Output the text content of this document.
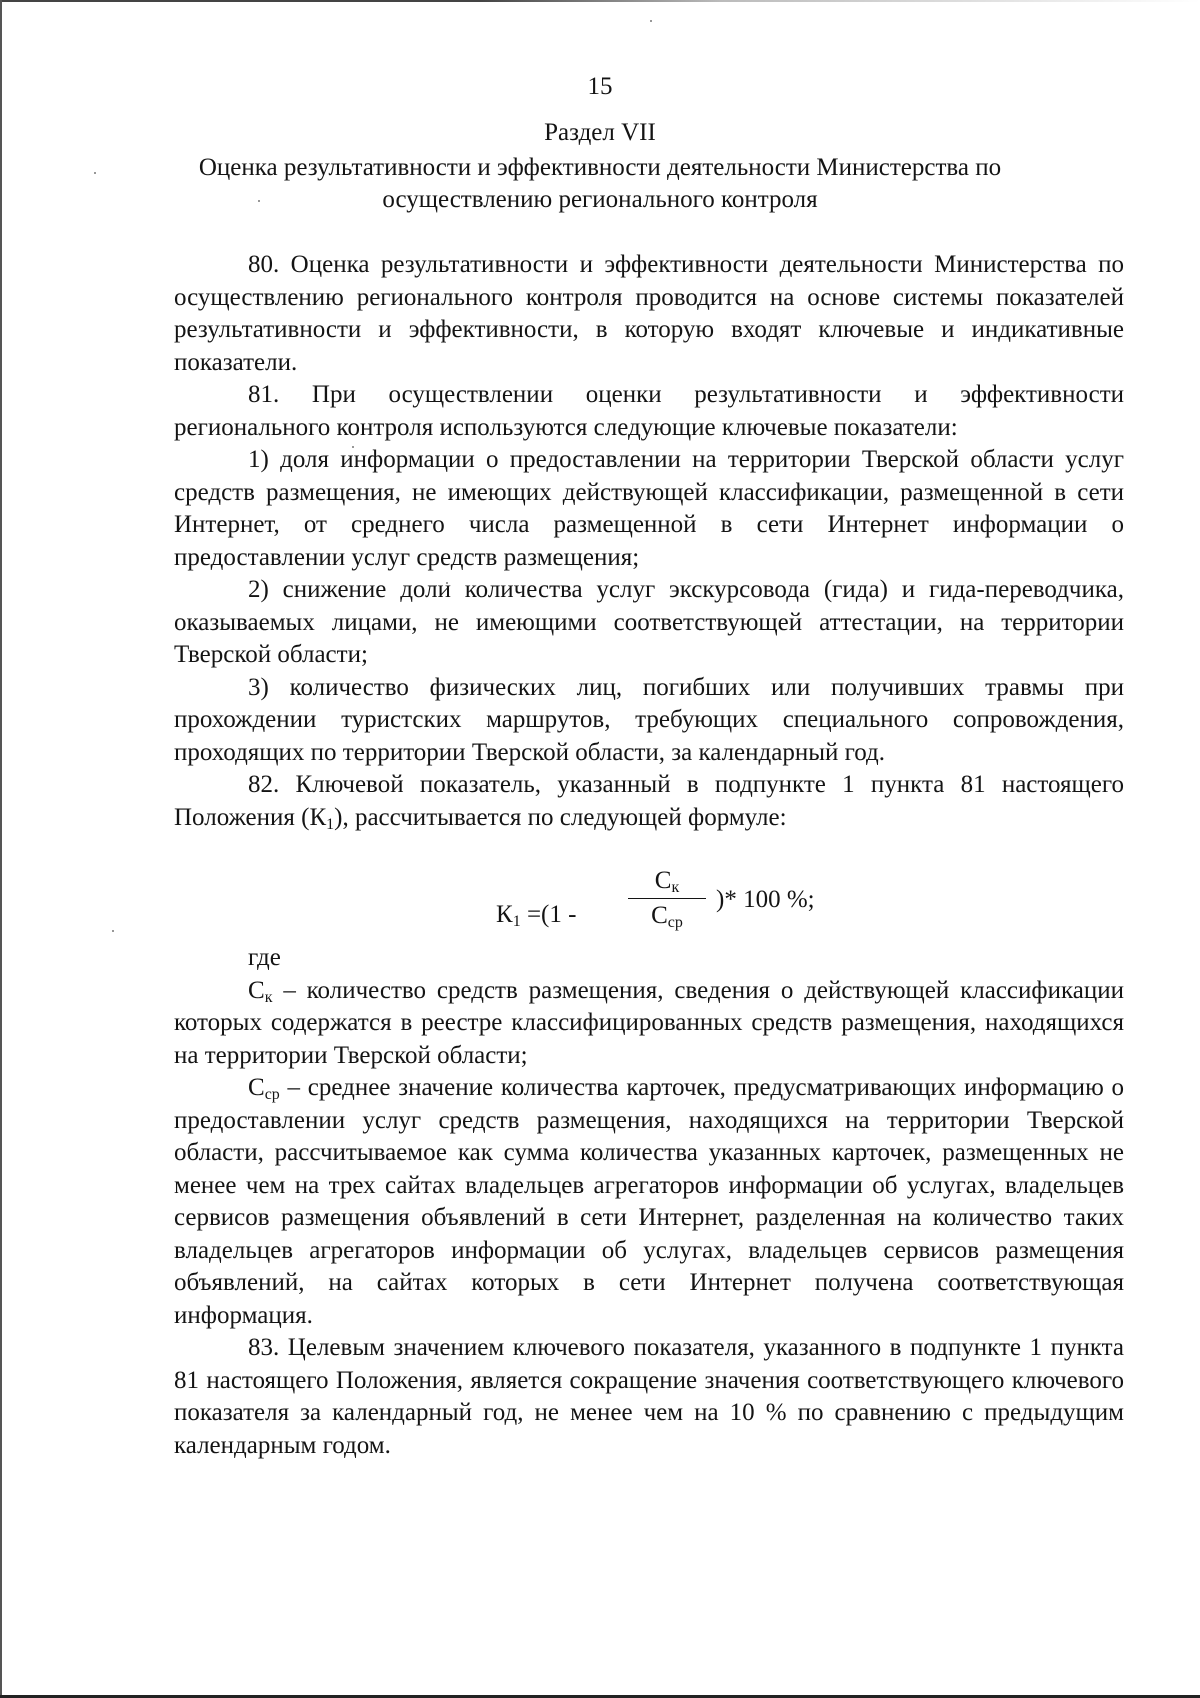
15
Раздел VII
Оценка результативности и эффективности деятельности Министерства по осуществлению регионального контроля

80. Оценка результативности и эффективности деятельности Министерства по осуществлению регионального контроля проводится на основе системы показателей результативности и эффективности, в которую входят ключевые и индикативные показатели.

81. При осуществлении оценки результативности и эффективности регионального контроля используются следующие ключевые показатели:

1) доля информации о предоставлении на территории Тверской области услуг средств размещения, не имеющих действующей классификации, размещенной в сети Интернет, от среднего числа размещенной в сети Интернет информации о предоставлении услуг средств размещения;

2) снижение доли количества услуг экскурсовода (гида) и гида-переводчика, оказываемых лицами, не имеющими соответствующей аттестации, на территории Тверской области;

3) количество физических лиц, погибших или получивших травмы при прохождении туристских маршрутов, требующих специального сопровождения, проходящих по территории Тверской области, за календарный год.

82. Ключевой показатель, указанный в подпункте 1 пункта 81 настоящего Положения $(К_1)$, рассчитывается по следующей формуле:

$К_1 =(1$ -
$С_к$
$С_{ср}$
)* 100 %;

где

$С_к$ – количество средств размещения, сведения о действующей классификации которых содержатся в реестре классифицированных средств размещения, находящихся на территории Тверской области;

$С_{ср}$ – среднее значение количества карточек, предусматривающих информацию о предоставлении услуг средств размещения, находящихся на территории Тверской области, рассчитываемое как сумма количества указанных карточек, размещенных не менее чем на трех сайтах владельцев агрегаторов информации об услугах, владельцев сервисов размещения объявлений в сети Интернет, разделенная на количество таких владельцев агрегаторов информации об услугах, владельцев сервисов размещения объявлений, на сайтах которых в сети Интернет получена соответствующая информация.

83. Целевым значением ключевого показателя, указанного в подпункте 1 пункта 81 настоящего Положения, является сокращение значения соответствующего ключевого показателя за календарный год, не менее чем на 10 % по сравнению с предыдущим календарным годом.
